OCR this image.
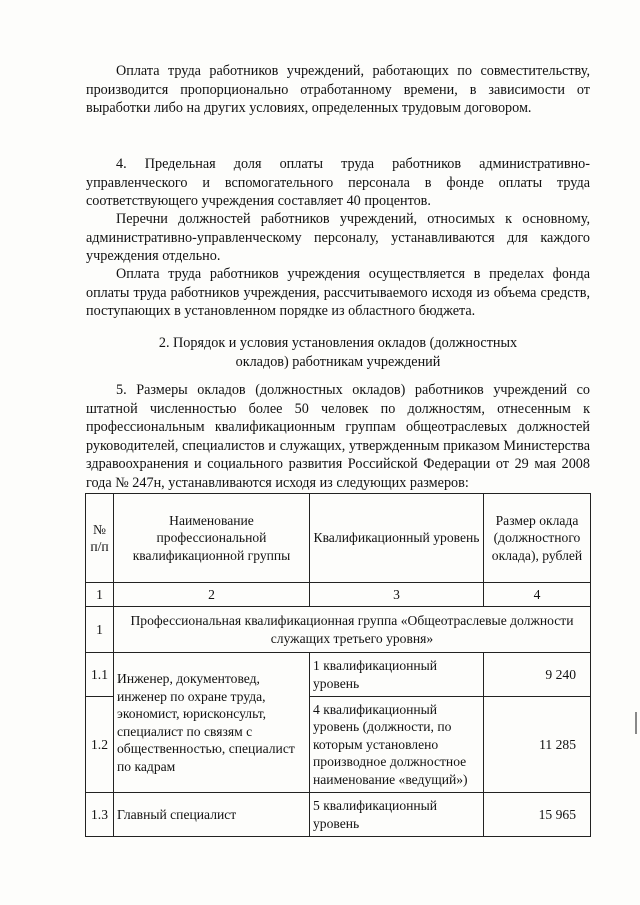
Оплата труда работников учреждений, работающих по совместительству, производится пропорционально отработанному времени, в зависимости от выработки либо на других условиях, определенных трудовым договором.

4. Предельная доля оплаты труда работников административно-управленческого и вспомогательного персонала в фонде оплаты труда соответствующего учреждения составляет 40 процентов.

Перечни должностей работников учреждений, относимых к основному, административно-управленческому персоналу, устанавливаются для каждого учреждения отдельно.

Оплата труда работников учреждения осуществляется в пределах фонда оплаты труда работников учреждения, рассчитываемого исходя из объема средств, поступающих в установленном порядке из областного бюджета.

2. Порядок и условия установления окладов (должностных
окладов) работникам учреждений

5. Размеры окладов (должностных окладов) работников учреждений со штатной численностью более 50 человек по должностям, отнесенным к профессиональным квалификационным группам общеотраслевых должностей руководителей, специалистов и служащих, утвержденным приказом Министерства здравоохранения и социального развития Российской Федерации от 29 мая 2008 года № 247н, устанавливаются исходя из следующих размеров:

№ п/п	Наименование профессиональной квалификационной группы	Квалификационный уровень	Размер оклада (должностного оклада), рублей
1	2	3	4
1	Профессиональная квалификационная группа «Общеотраслевые должности служащих третьего уровня»		
1.1	Инженер, документовед, инженер по охране труда, экономист, юрисконсульт, специалист по связям с общественностью, специалист по кадрам	1 квалификационный уровень	9 240
1.2		4 квалификационный уровень (должности, по которым установлено производное должностное наименование «ведущий»)	11 285
1.3	Главный специалист	5 квалификационный уровень	15 965
